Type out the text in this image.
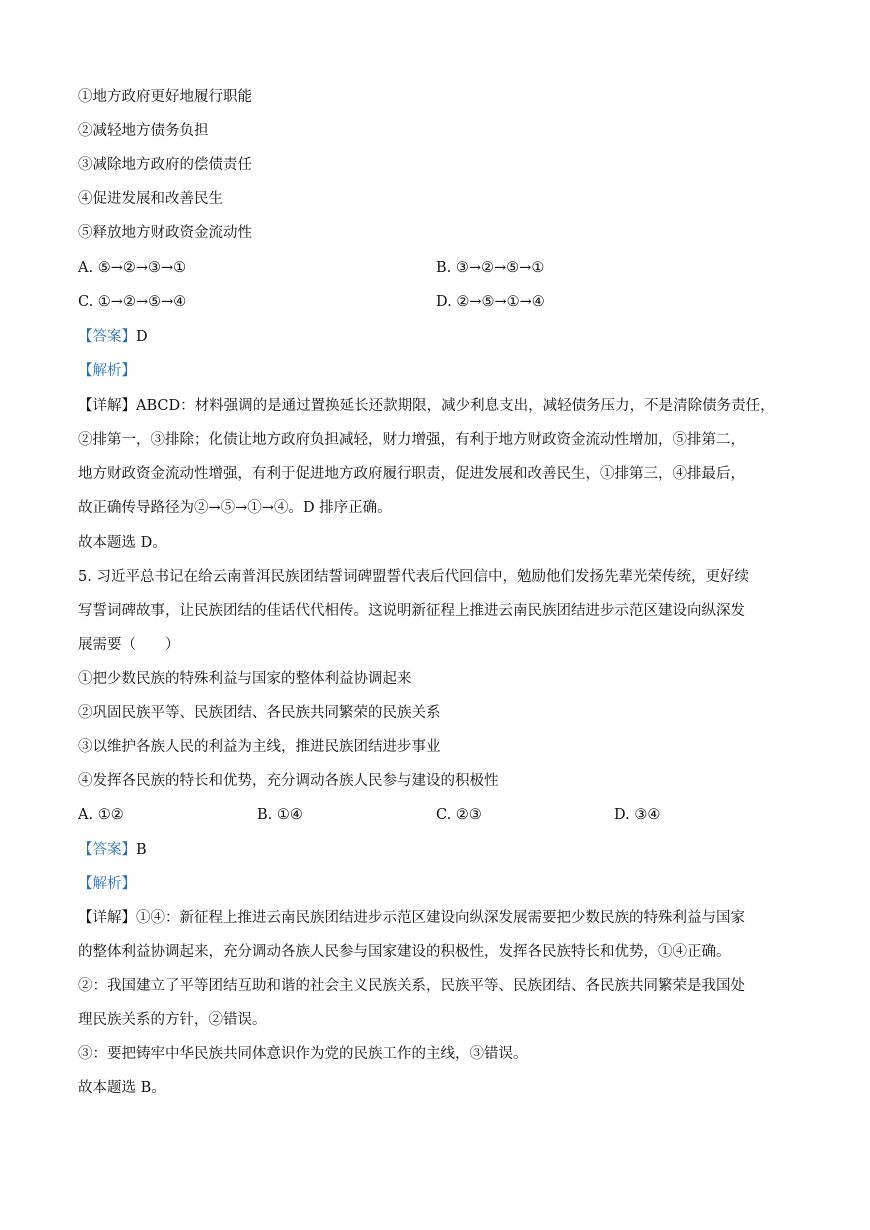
①地方政府更好地履行职能
②减轻地方债务负担
③减除地方政府的偿债责任
④促进发展和改善民生
⑤释放地方财政资金流动性
A. ⑤→②→③→①	B. ③→②→⑤→①
C. ①→②→⑤→④	D. ②→⑤→①→④
【答案】D
【解析】
【详解】ABCD：材料强调的是通过置换延长还款期限，减少利息支出，减轻债务压力，不是清除债务责任，
②排第一，③排除；化债让地方政府负担减轻，财力增强，有利于地方财政资金流动性增加，⑤排第二，
地方财政资金流动性增强，有利于促进地方政府履行职责，促进发展和改善民生，①排第三，④排最后，
故正确传导路径为②→⑤→①→④。D 排序正确。
故本题选 D。
5. 习近平总书记在给云南普洱民族团结誓词碑盟誓代表后代回信中，勉励他们发扬先辈光荣传统，更好续
写誓词碑故事，让民族团结的佳话代代相传。这说明新征程上推进云南民族团结进步示范区建设向纵深发
展需要（　　）
①把少数民族的特殊利益与国家的整体利益协调起来
②巩固民族平等、民族团结、各民族共同繁荣的民族关系
③以维护各族人民的利益为主线，推进民族团结进步事业
④发挥各民族的特长和优势，充分调动各族人民参与建设的积极性
A. ①②	B. ①④	C. ②③	D. ③④
【答案】B
【解析】
【详解】①④：新征程上推进云南民族团结进步示范区建设向纵深发展需要把少数民族的特殊利益与国家
的整体利益协调起来，充分调动各族人民参与国家建设的积极性，发挥各民族特长和优势，①④正确。
②：我国建立了平等团结互助和谐的社会主义民族关系，民族平等、民族团结、各民族共同繁荣是我国处
理民族关系的方针，②错误。
③：要把铸牢中华民族共同体意识作为党的民族工作的主线，③错误。
故本题选 B。
